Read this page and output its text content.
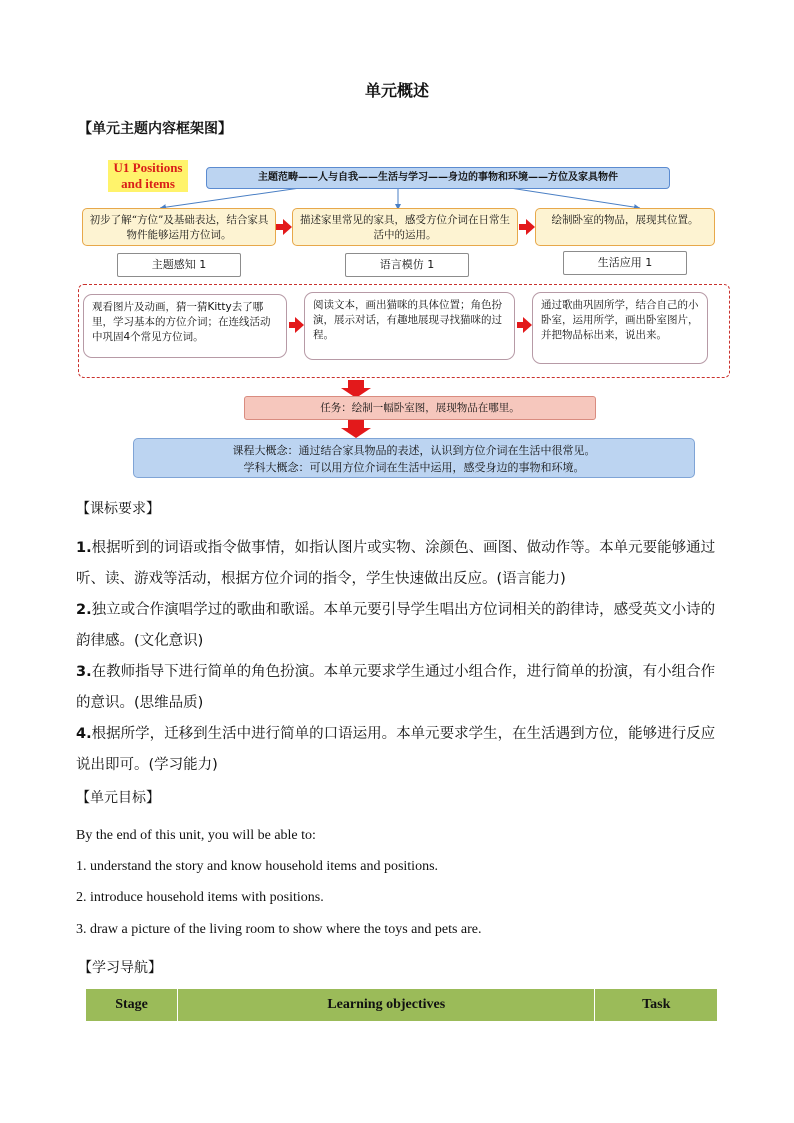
单元概述
【单元主题内容框架图】
U1 Positions and items	主题范畴——人与自我——生活与学习——身边的事物和环境——方位及家具物件
初步了解“方位”及基础表达，结合家具物件能够运用方位词。
描述家里常见的家具，感受方位介词在日常生活中的运用。
绘制卧室的物品，展现其位置。
主题感知 1	语言模仿 1	生活应用 1
观看图片及动画，猜一猜Kitty去了哪里，学习基本的方位介词；在连线活动中巩固4个常见方位词。
阅读文本，画出猫咪的具体位置；角色扮演，展示对话，有趣地展现寻找猫咪的过程。
通过歌曲巩固所学，结合自己的小卧室，运用所学，画出卧室图片，并把物品标出来，说出来。
任务：绘制一幅卧室图，展现物品在哪里。
课程大概念：通过结合家具物品的表述，认识到方位介词在生活中很常见。
学科大概念：可以用方位介词在生活中运用，感受身边的事物和环境。
【课标要求】
1.根据听到的词语或指令做事情，如指认图片或实物、涂颜色、画图、做动作等。本单元要能够通过听、读、游戏等活动，根据方位介词的指令，学生快速做出反应。(语言能力)
2.独立或合作演唱学过的歌曲和歌谣。本单元要引导学生唱出方位词相关的韵律诗，感受英文小诗的韵律感。(文化意识)
3.在教师指导下进行简单的角色扮演。本单元要求学生通过小组合作，进行简单的扮演，有小组合作的意识。(思维品质)
4.根据所学，迁移到生活中进行简单的口语运用。本单元要求学生，在生活遇到方位，能够进行反应说出即可。(学习能力)
【单元目标】
By the end of this unit, you will be able to:
1. understand the story and know household items and positions.
2. introduce household items with positions.
3. draw a picture of the living room to show where the toys and pets are.
【学习导航】
Stage	Learning objectives	Task
